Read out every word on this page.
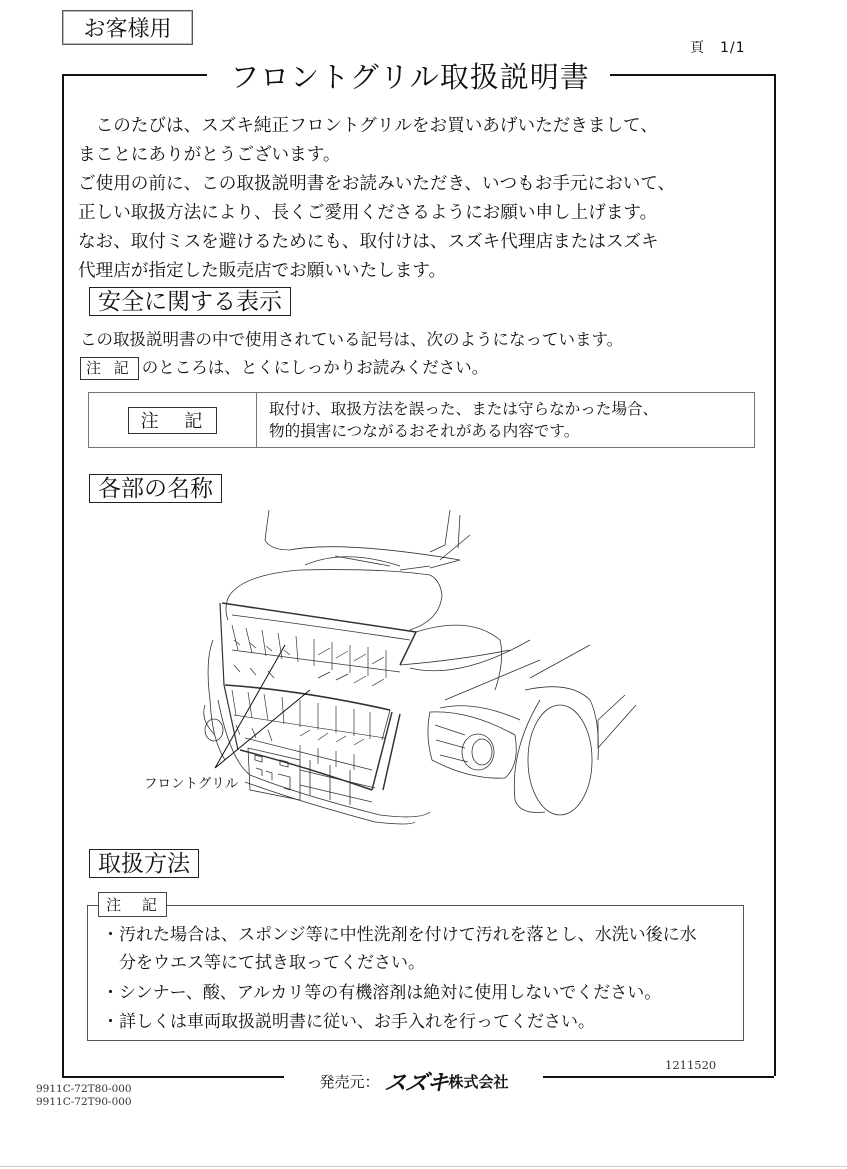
お客様用
頁　1/1
フロントグリル取扱説明書
　このたびは、スズキ純正フロントグリルをお買いあげいただきまして、
まことにありがとうございます。
ご使用の前に、この取扱説明書をお読みいただき、いつもお手元において、
正しい取扱方法により、長くご愛用くださるようにお願い申し上げます。
なお、取付ミスを避けるためにも、取付けは、スズキ代理店またはスズキ
代理店が指定した販売店でお願いいたします。
安全に関する表示
この取扱説明書の中で使用されている記号は、次のようになっています。
注 記 のところは、とくにしっかりお読みください。
注 記
取付け、取扱方法を誤った、または守らなかった場合、
物的損害につながるおそれがある内容です。
各部の名称
フロントグリル
取扱方法
注 記
・汚れた場合は、スポンジ等に中性洗剤を付けて汚れを落とし、水洗い後に水
　分をウエス等にて拭き取ってください。
・シンナー、酸、アルカリ等の有機溶剤は絶対に使用しないでください。
・詳しくは車両取扱説明書に従い、お手入れを行ってください。
1211520
発売元： スズキ
株式会社
9911C-72T80-000
9911C-72T90-000
